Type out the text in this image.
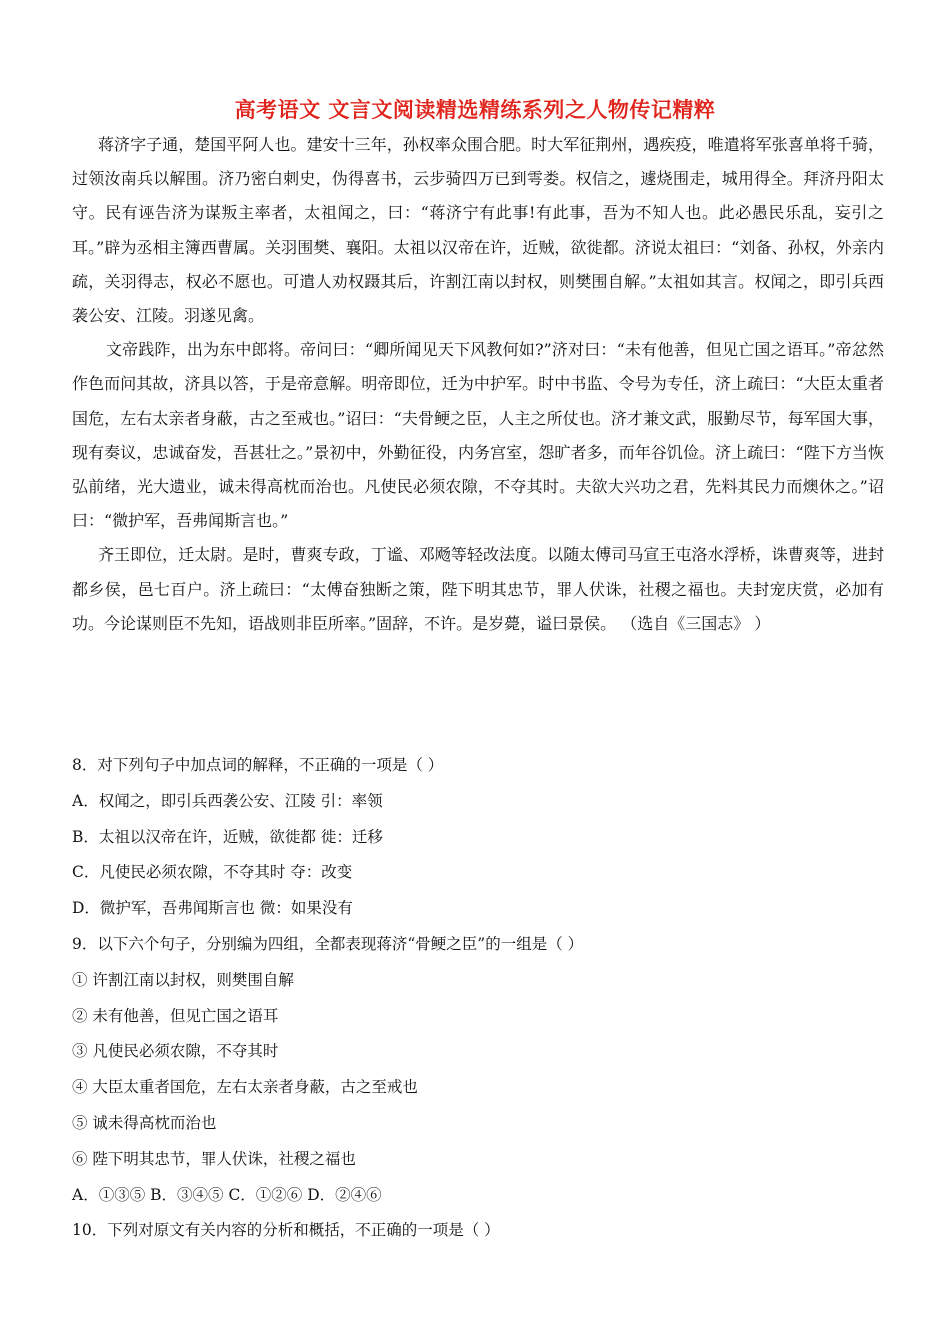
高考语文 文言文阅读精选精练系列之人物传记精粹

蒋济字子通，楚国平阿人也。建安十三年，孙权率众围合肥。时大军征荆州，遇疾疫，唯遣将军张喜单将千骑，过领汝南兵以解围。济乃密白刺史，伪得喜书，云步骑四万已到雩娄。权信之，遽烧围走，城用得全。拜济丹阳太守。民有诬告济为谋叛主率者，太祖闻之，曰：“蒋济宁有此事!有此事，吾为不知人也。此必愚民乐乱，妄引之耳。”辟为丞相主簿西曹属。关羽围樊、襄阳。太祖以汉帝在许，近贼，欲徙都。济说太祖曰：“刘备、孙权，外亲内疏，关羽得志，权必不愿也。可遣人劝权蹑其后，许割江南以封权，则樊围自解。”太祖如其言。权闻之，即引兵西袭公安、江陵。羽遂见禽。

文帝践阼，出为东中郎将。帝问曰：“卿所闻见天下风教何如?”济对曰：“未有他善，但见亡国之语耳。”帝忿然作色而问其故，济具以答，于是帝意解。明帝即位，迁为中护军。时中书监、令号为专任，济上疏曰：“大臣太重者国危，左右太亲者身蔽，古之至戒也。”诏曰：“夫骨鲠之臣，人主之所仗也。济才兼文武，服勤尽节，每军国大事，现有奏议，忠诚奋发，吾甚壮之。”景初中，外勤征役，内务宫室，怨旷者多，而年谷饥俭。济上疏曰：“陛下方当恢弘前绪，光大遗业，诚未得高枕而治也。凡使民必须农隙，不夺其时。夫欲大兴功之君，先料其民力而燠休之。”诏曰：“微护军，吾弗闻斯言也。”

齐王即位，迁太尉。是时，曹爽专政，丁谧、邓飏等轻改法度。以随太傅司马宣王屯洛水浮桥，诛曹爽等，进封都乡侯，邑七百户。济上疏曰：“太傅奋独断之策，陛下明其忠节，罪人伏诛，社稷之福也。夫封宠庆赏，必加有功。今论谋则臣不先知，语战则非臣所率。”固辞，不许。是岁薨，谥曰景侯。 （选自《三国志》 ）

8．对下列句子中加点词的解释，不正确的一项是（ ）
A．权闻之，即引兵西袭公安、江陵 引：率领
B．太祖以汉帝在许，近贼，欲徙都 徙：迁移
C．凡使民必须农隙，不夺其时 夺：改变
D．微护军，吾弗闻斯言也 微：如果没有
9．以下六个句子，分别编为四组，全都表现蒋济“骨鲠之臣”的一组是（ ）
① 许割江南以封权，则樊围自解
② 未有他善，但见亡国之语耳
③ 凡使民必须农隙，不夺其时
④ 大臣太重者国危，左右太亲者身蔽，古之至戒也
⑤ 诚未得高枕而治也
⑥ 陛下明其忠节，罪人伏诛，社稷之福也
A．①③⑤ B．③④⑤ C．①②⑥ D．②④⑥
10．下列对原文有关内容的分析和概括，不正确的一项是（ ）
